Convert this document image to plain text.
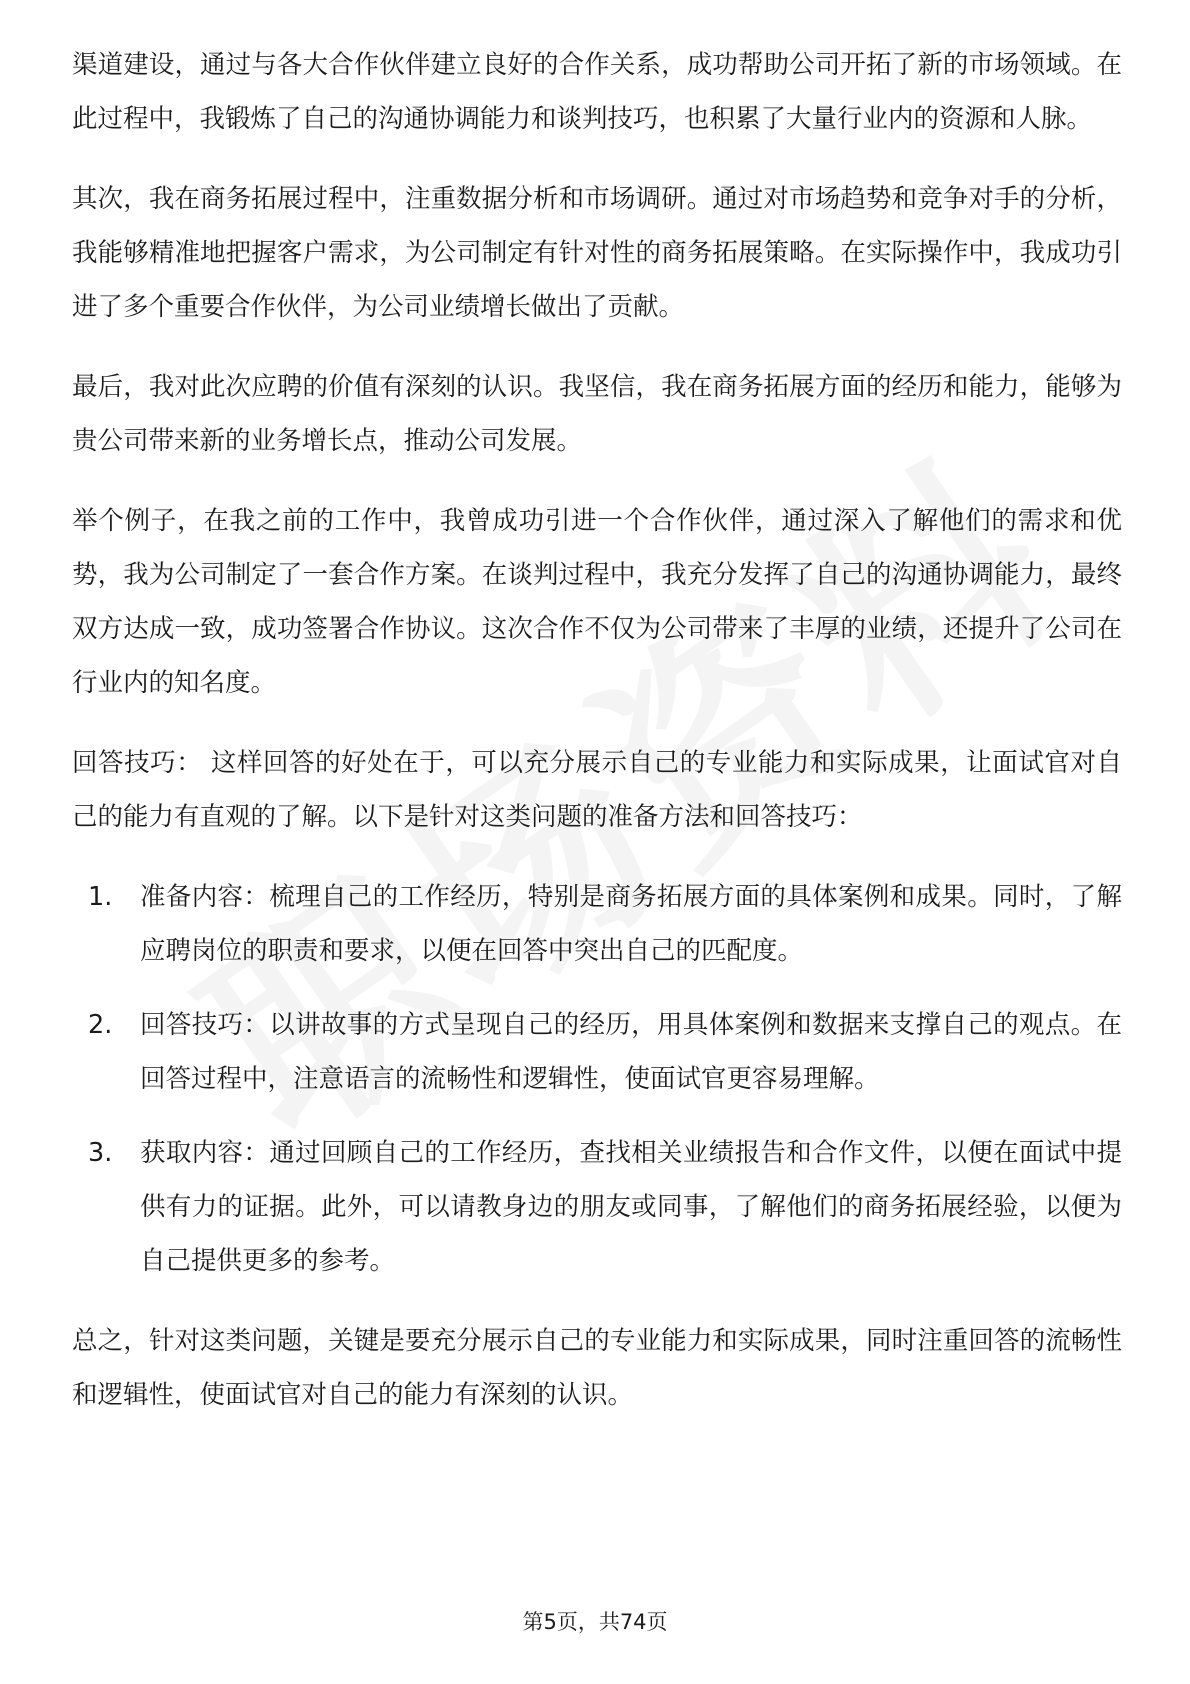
渠道建设，通过与各大合作伙伴建立良好的合作关系，成功帮助公司开拓了新的市场领域。在此过程中，我锻炼了自己的沟通协调能力和谈判技巧，也积累了大量行业内的资源和人脉。

其次，我在商务拓展过程中，注重数据分析和市场调研。通过对市场趋势和竞争对手的分析，我能够精准地把握客户需求，为公司制定有针对性的商务拓展策略。在实际操作中，我成功引进了多个重要合作伙伴，为公司业绩增长做出了贡献。

最后，我对此次应聘的价值有深刻的认识。我坚信，我在商务拓展方面的经历和能力，能够为贵公司带来新的业务增长点，推动公司发展。

举个例子，在我之前的工作中，我曾成功引进一个合作伙伴，通过深入了解他们的需求和优势，我为公司制定了一套合作方案。在谈判过程中，我充分发挥了自己的沟通协调能力，最终双方达成一致，成功签署合作协议。这次合作不仅为公司带来了丰厚的业绩，还提升了公司在行业内的知名度。

回答技巧： 这样回答的好处在于，可以充分展示自己的专业能力和实际成果，让面试官对自己的能力有直观的了解。以下是针对这类问题的准备方法和回答技巧：

1. 准备内容：梳理自己的工作经历，特别是商务拓展方面的具体案例和成果。同时，了解应聘岗位的职责和要求，以便在回答中突出自己的匹配度。
2. 回答技巧：以讲故事的方式呈现自己的经历，用具体案例和数据来支撑自己的观点。在回答过程中，注意语言的流畅性和逻辑性，使面试官更容易理解。
3. 获取内容：通过回顾自己的工作经历，查找相关业绩报告和合作文件，以便在面试中提供有力的证据。此外，可以请教身边的朋友或同事，了解他们的商务拓展经验，以便为自己提供更多的参考。

总之，针对这类问题，关键是要充分展示自己的专业能力和实际成果，同时注重回答的流畅性和逻辑性，使面试官对自己的能力有深刻的认识。

第5页，共74页
